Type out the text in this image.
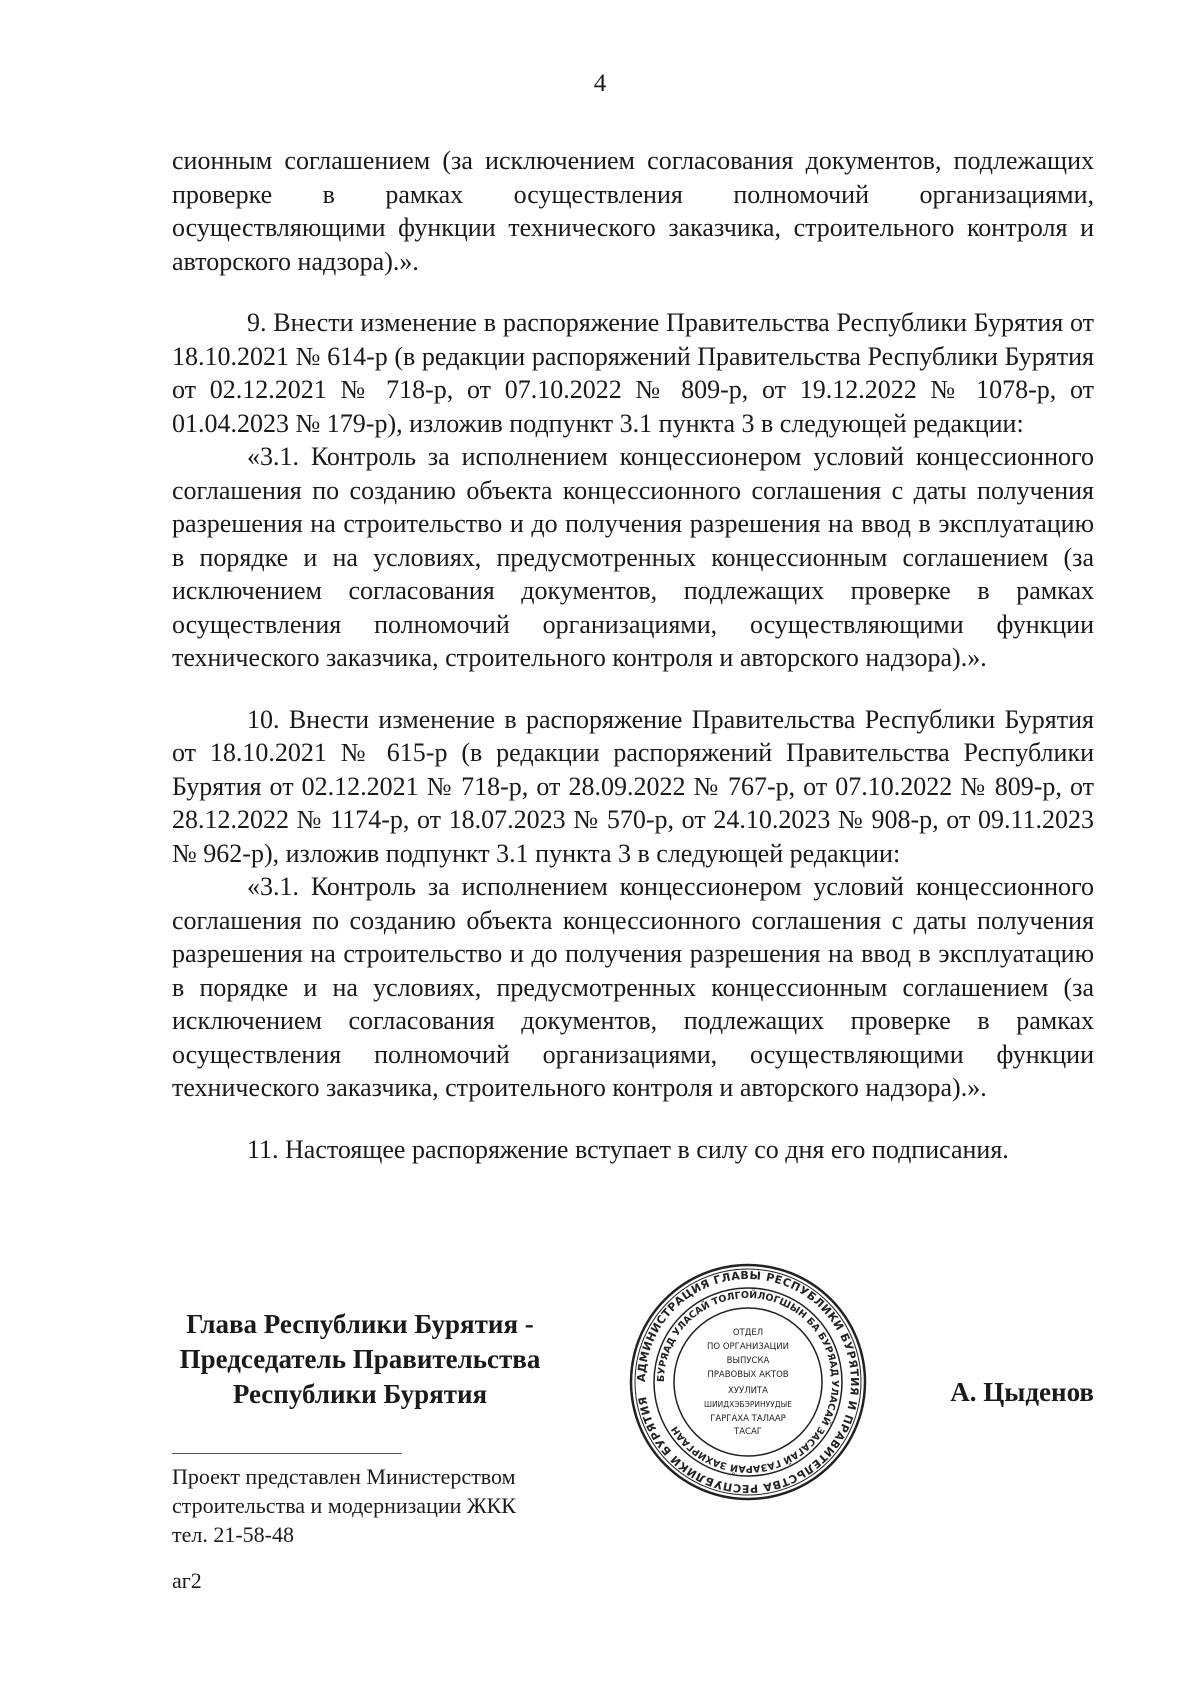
4

сионным соглашением (за исключением согласования документов, подлежащих проверке в рамках осуществления полномочий организациями, осуществляющими функции технического заказчика, строительного контроля и авторского надзора).».

9. Внести изменение в распоряжение Правительства Республики Бурятия от 18.10.2021 № 614-р (в редакции распоряжений Правительства Республики Бурятия от 02.12.2021 № 718-р, от 07.10.2022 № 809-р, от 19.12.2022 № 1078-р, от 01.04.2023 № 179-р), изложив подпункт 3.1 пункта 3 в следующей редакции:

«3.1. Контроль за исполнением концессионером условий концессионного соглашения по созданию объекта концессионного соглашения с даты получения разрешения на строительство и до получения разрешения на ввод в эксплуатацию в порядке и на условиях, предусмотренных концессионным соглашением (за исключением согласования документов, подлежащих проверке в рамках осуществления полномочий организациями, осуществляющими функции технического заказчика, строительного контроля и авторского надзора).».

10. Внести изменение в распоряжение Правительства Республики Бурятия от 18.10.2021 № 615-р (в редакции распоряжений Правительства Республики Бурятия от 02.12.2021 № 718-р, от 28.09.2022 № 767-р, от 07.10.2022 № 809-р, от 28.12.2022 № 1174-р, от 18.07.2023 № 570-р, от 24.10.2023 № 908-р, от 09.11.2023 № 962-р), изложив подпункт 3.1 пункта 3 в следующей редакции:

«3.1. Контроль за исполнением концессионером условий концессионного соглашения по созданию объекта концессионного соглашения с даты получения разрешения на строительство и до получения разрешения на ввод в эксплуатацию в порядке и на условиях, предусмотренных концессионным соглашением (за исключением согласования документов, подлежащих проверке в рамках осуществления полномочий организациями, осуществляющими функции технического заказчика, строительного контроля и авторского надзора).».

11. Настоящее распоряжение вступает в силу со дня его подписания.

Глава Республики Бурятия -
Председатель Правительства
Республики Бурятия
АДМИНИСТРАЦИЯ ГЛАВЫ РЕСПУБЛИКИ БУРЯТИЯ И ПРАВИТЕЛЬСТВА РЕСПУБЛИКИ БУРЯТИЯ
БУРЯАД УЛАСАЙ ТОЛГОЙЛОГШЫН БА БУРЯАД УЛАСАЙ ЗАСАГАЙ ГАЗАРАЙ ЗАХИРГААН
ОТДЕЛ
ПО ОРГАНИЗАЦИИ
ВЫПУСКА
ПРАВОВЫХ АКТОВ
ХУУЛИТА
ШИИДХЭБЭРИНУУДЫЕ
ГАРГАХА ТАЛААР
ТАСАГ
А. Цыденов
Проект представлен Министерством
строительства и модернизации ЖКК
тел. 21-58-48
аг2
